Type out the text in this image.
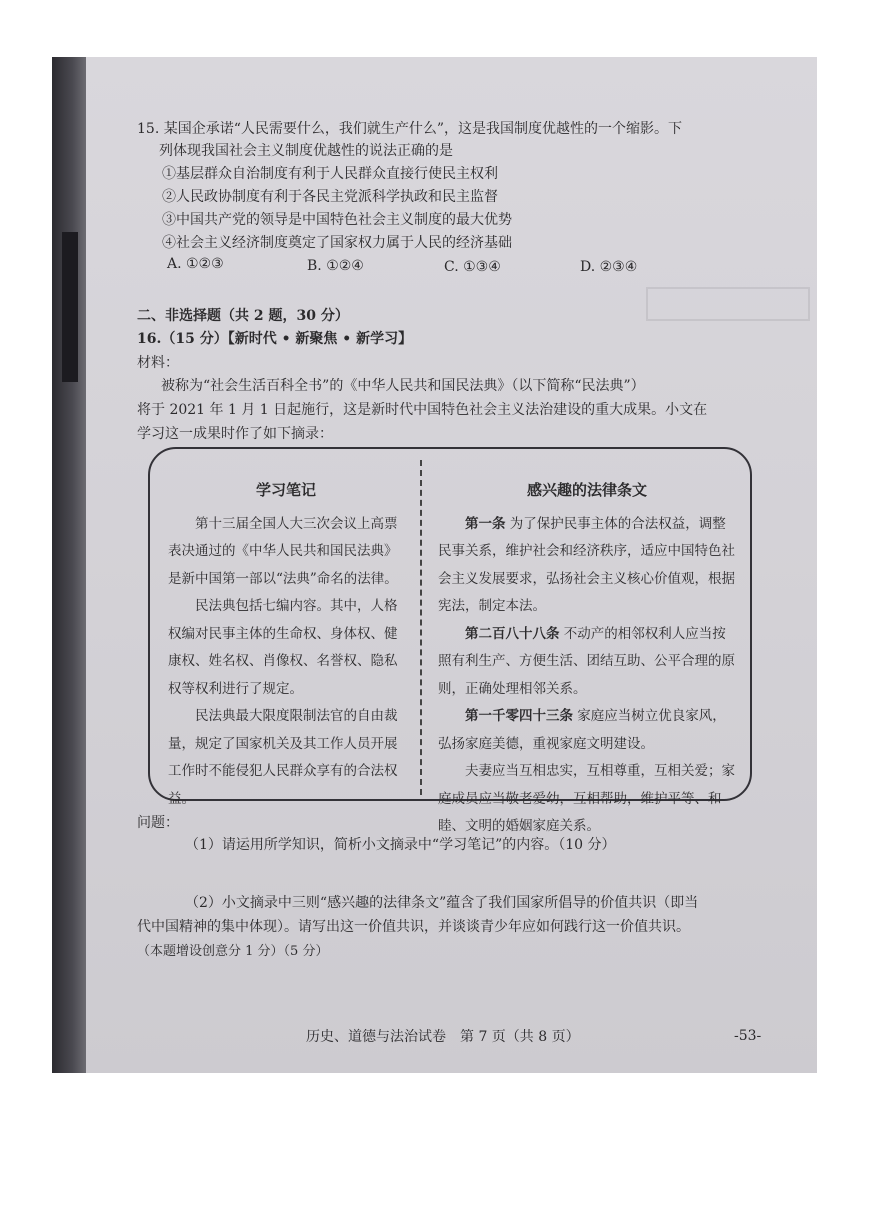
15. 某国企承诺“人民需要什么，我们就生产什么”，这是我国制度优越性的一个缩影。下
列体现我国社会主义制度优越性的说法正确的是
①基层群众自治制度有利于人民群众直接行使民主权利
②人民政协制度有利于各民主党派科学执政和民主监督
③中国共产党的领导是中国特色社会主义制度的最大优势
④社会主义经济制度奠定了国家权力属于人民的经济基础
A. ①②③	B. ①②④	C. ①③④	D. ②③④
二、非选择题（共 2 题，30 分）
16.（15 分）【新时代 • 新聚焦 • 新学习】
材料：
被称为“社会生活百科全书”的《中华人民共和国民法典》（以下简称“民法典”）
将于 2021 年 1 月 1 日起施行，这是新时代中国特色社会主义法治建设的重大成果。小文在
学习这一成果时作了如下摘录：

学习笔记

第十三届全国人大三次会议上高票表决通过的《中华人民共和国民法典》是新中国第一部以“法典”命名的法律。

民法典包括七编内容。其中，人格权编对民事主体的生命权、身体权、健康权、姓名权、肖像权、名誉权、隐私权等权利进行了规定。

民法典最大限度限制法官的自由裁量，规定了国家机关及其工作人员开展工作时不能侵犯人民群众享有的合法权益。

感兴趣的法律条文

第一条 为了保护民事主体的合法权益，调整民事关系，维护社会和经济秩序，适应中国特色社会主义发展要求，弘扬社会主义核心价值观，根据宪法，制定本法。

第二百八十八条 不动产的相邻权利人应当按照有利生产、方便生活、团结互助、公平合理的原则，正确处理相邻关系。

第一千零四十三条 家庭应当树立优良家风，弘扬家庭美德，重视家庭文明建设。

夫妻应当互相忠实，互相尊重，互相关爱；家庭成员应当敬老爱幼，互相帮助，维护平等、和睦、文明的婚姻家庭关系。

问题：
（1）请运用所学知识，简析小文摘录中“学习笔记”的内容。（10 分）
（2）小文摘录中三则“感兴趣的法律条文”蕴含了我们国家所倡导的价值共识（即当
代中国精神的集中体现）。请写出这一价值共识，并谈谈青少年应如何践行这一价值共识。
（本题增设创意分 1 分）（5 分）
历史、道德与法治试卷　第 7 页（共 8 页）	-53-
